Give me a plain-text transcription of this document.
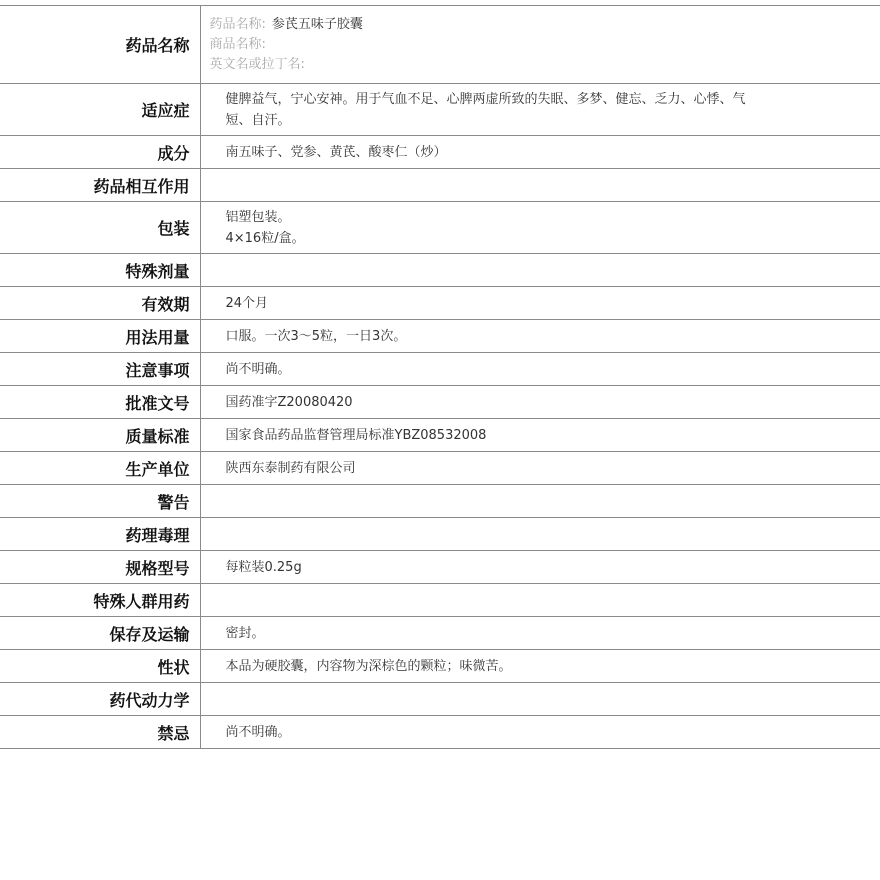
药品名称	药品名称: 参芪五味子胶囊
商品名称:
英文名或拉丁名:

适应症	健脾益气，宁心安神。用于气血不足、心脾两虚所致的失眠、多梦、健忘、乏力、心悸、气
短、自汗。

成分	南五味子、党参、黄芪、酸枣仁（炒）

药品相互作用	
包装	铝塑包装。
4×16粒/盒。

特殊剂量	
有效期	24个月

用法用量	口服。一次3～5粒，一日3次。

注意事项	尚不明确。

批准文号	国药准字Z20080420

质量标准	国家食品药品监督管理局标准YBZ08532008

生产单位	陕西东泰制药有限公司

警告	
药理毒理	
规格型号	每粒装0.25g

特殊人群用药	
保存及运输	密封。

性状	本品为硬胶囊，内容物为深棕色的颗粒；味微苦。

药代动力学	
禁忌	尚不明确。
